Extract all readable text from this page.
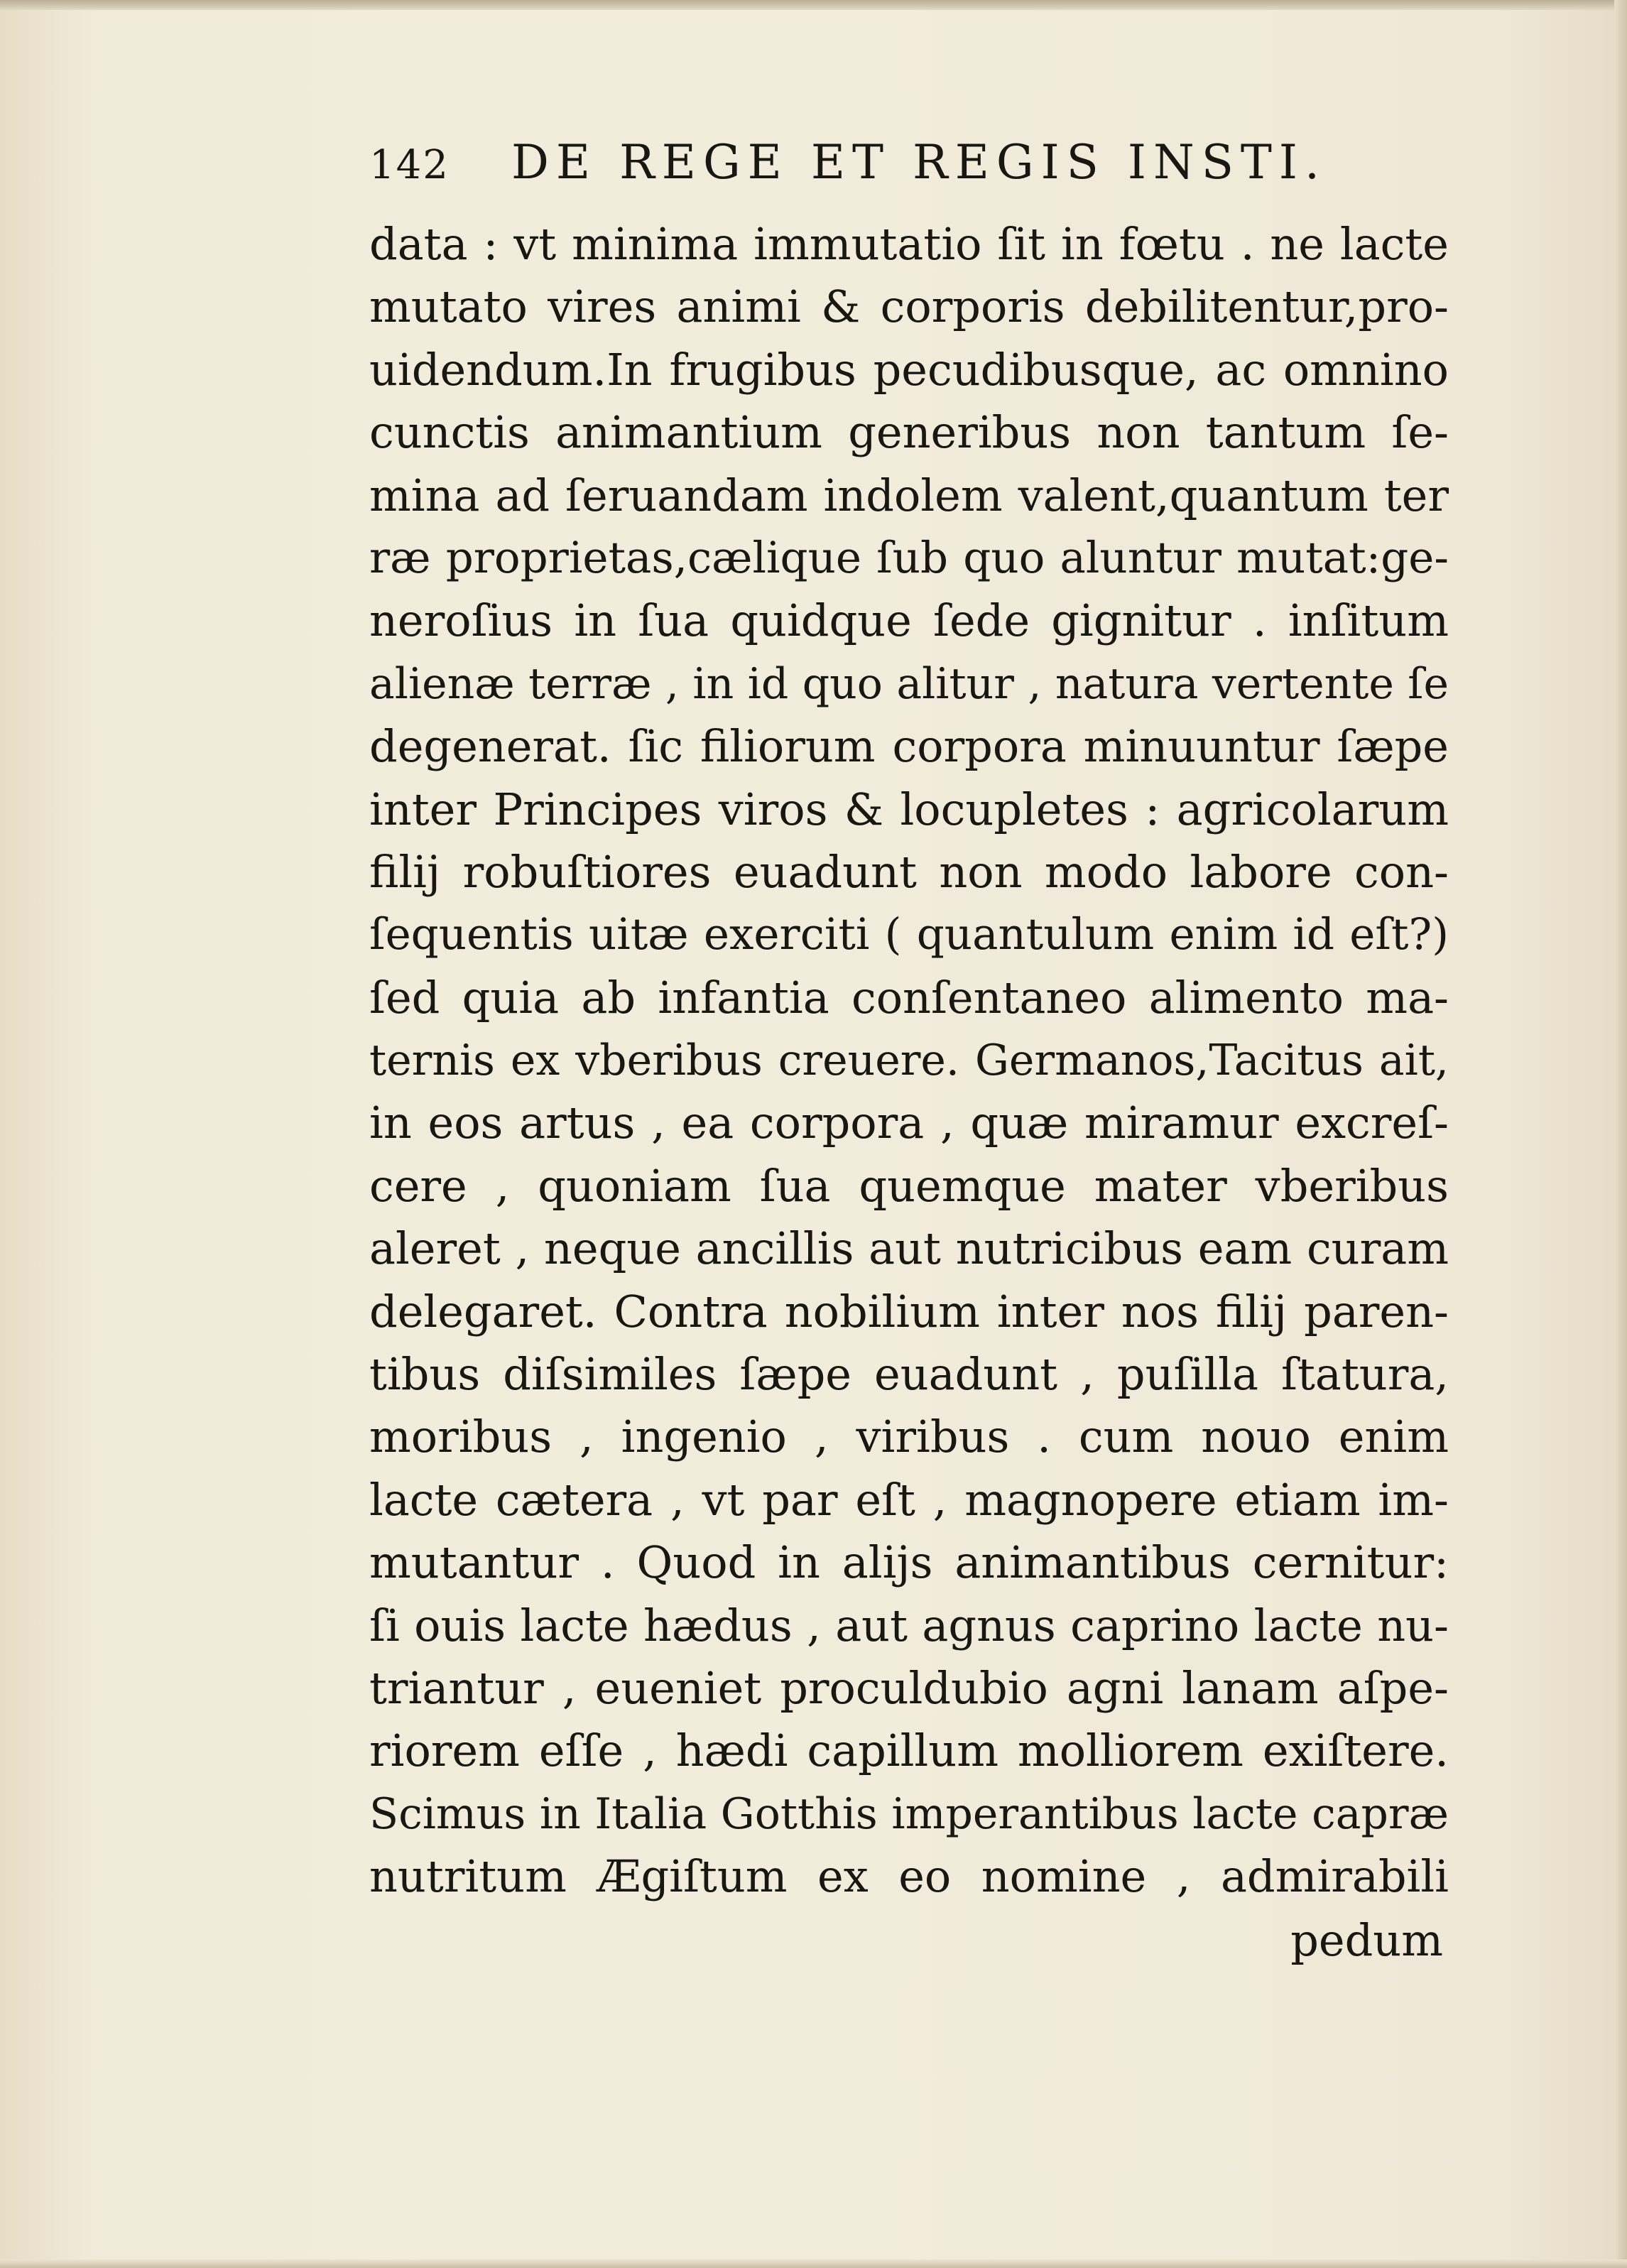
142	DE REGE ET REGIS INSTI.
data : vt minima immutatio ſit in fœtu . ne lacte
mutato vires animi & corporis debilitentur,pro-
uidendum.In frugibus pecudibusque, ac omnino
cunctis animantium generibus non tantum ſe-
mina ad ſeruandam indolem valent,quantum ter
ræ proprietas,cælique ſub quo aluntur mutat:ge-
neroſius in ſua quidque ſede gignitur . inſitum
alienæ terræ , in id quo alitur , natura vertente ſe
degenerat. ſic filiorum corpora minuuntur ſæpe
inter Principes viros & locupletes : agricolarum
filij robuſtiores euadunt non modo labore con-
ſequentis uitæ exerciti ( quantulum enim id eſt?)
ſed quia ab infantia conſentaneo alimento ma-
ternis ex vberibus creuere. Germanos,Tacitus ait,
in eos artus , ea corpora , quæ miramur excreſ-
cere , quoniam ſua quemque mater vberibus
aleret , neque ancillis aut nutricibus eam curam
delegaret. Contra nobilium inter nos filij paren-
tibus diſsimiles ſæpe euadunt , puſilla ſtatura,
moribus , ingenio , viribus . cum nouo enim
lacte cætera , vt par eſt , magnopere etiam im-
mutantur . Quod in alijs animantibus cernitur:
ſi ouis lacte hædus , aut agnus caprino lacte nu-
triantur , eueniet proculdubio agni lanam aſpe-
riorem eſſe , hædi capillum molliorem exiſtere.
Scimus in Italia Gotthis imperantibus lacte capræ
nutritum Ægiſtum ex eo nomine , admirabili
pedum
